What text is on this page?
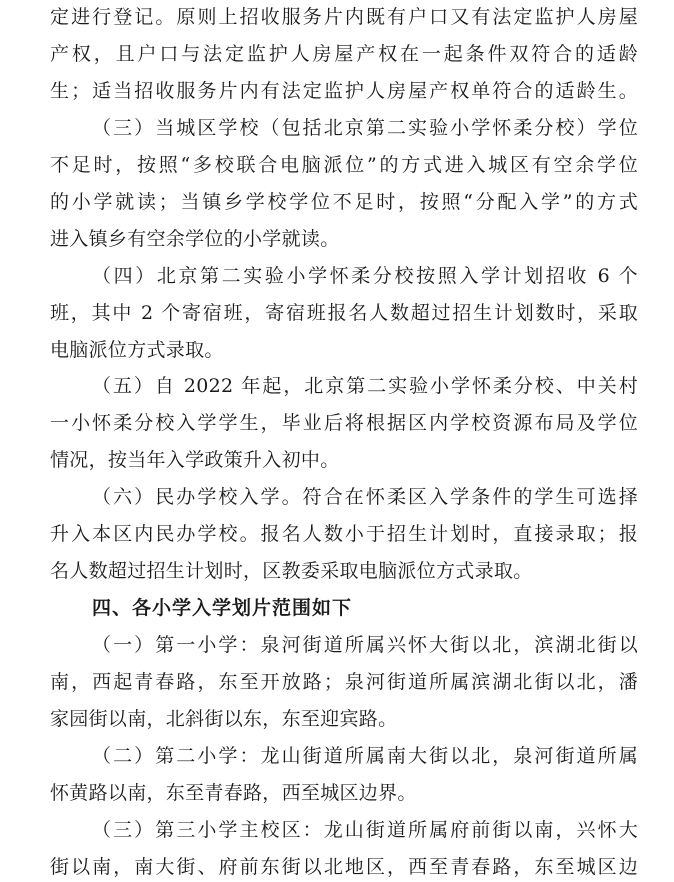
定进行登记。原则上招收服务片内既有户口又有法定监护人房屋
产权，且户口与法定监护人房屋产权在一起条件双符合的适龄
生；适当招收服务片内有法定监护人房屋产权单符合的适龄生。
（三）当城区学校（包括北京第二实验小学怀柔分校）学位
不足时，按照“多校联合电脑派位”的方式进入城区有空余学位
的小学就读；当镇乡学校学位不足时，按照“分配入学”的方式
进入镇乡有空余学位的小学就读。
（四）北京第二实验小学怀柔分校按照入学计划招收 6 个
班，其中 2 个寄宿班，寄宿班报名人数超过招生计划数时，采取
电脑派位方式录取。
（五）自 2022 年起，北京第二实验小学怀柔分校、中关村
一小怀柔分校入学学生，毕业后将根据区内学校资源布局及学位
情况，按当年入学政策升入初中。
（六）民办学校入学。符合在怀柔区入学条件的学生可选择
升入本区内民办学校。报名人数小于招生计划时，直接录取；报
名人数超过招生计划时，区教委采取电脑派位方式录取。
四、各小学入学划片范围如下
（一）第一小学：泉河街道所属兴怀大街以北，滨湖北街以
南，西起青春路，东至开放路；泉河街道所属滨湖北街以北，潘
家园街以南，北斜街以东，东至迎宾路。
（二）第二小学：龙山街道所属南大街以北，泉河街道所属
怀黄路以南，东至青春路，西至城区边界。
（三）第三小学主校区：龙山街道所属府前街以南，兴怀大
街以南，南大街、府前东街以北地区，西至青春路，东至城区边
